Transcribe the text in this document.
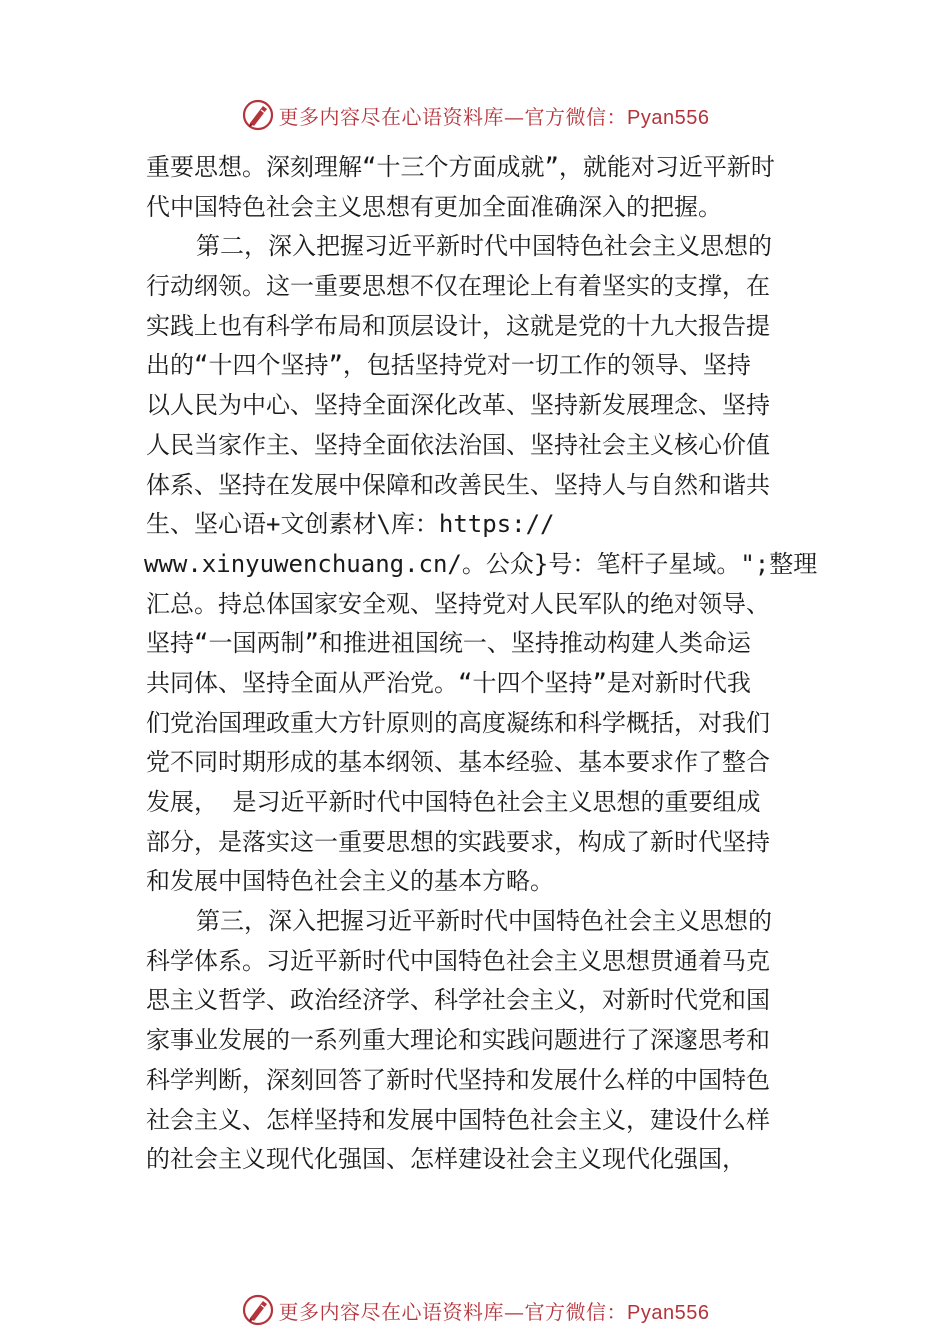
更多内容尽在心语资料库—官方微信：Pyan556
重要思想。深刻理解“十三个方面成就”，就能对习近平新时
代中国特色社会主义思想有更加全面准确深入的把握。
第二，深入把握习近平新时代中国特色社会主义思想的
行动纲领。这一重要思想不仅在理论上有着坚实的支撑，在
实践上也有科学布局和顶层设计，这就是党的十九大报告提
出的“十四个坚持”，包括坚持党对一切工作的领导、坚持
以人民为中心、坚持全面深化改革、坚持新发展理念、坚持
人民当家作主、坚持全面依法治国、坚持社会主义核心价值
体系、坚持在发展中保障和改善民生、坚持人与自然和谐共
生、坚心语+文创素材\库：https://
www.xinyuwenchuang.cn/。公众}号：笔杆子星域。";整理
汇总。持总体国家安全观、坚持党对人民军队的绝对领导、
坚持“一国两制”和推进祖国统一、坚持推动构建人类命运
共同体、坚持全面从严治党。“十四个坚持”是对新时代我
们党治国理政重大方针原则的高度凝练和科学概括，对我们
党不同时期形成的基本纲领、基本经验、基本要求作了整合
发展， 是习近平新时代中国特色社会主义思想的重要组成
部分，是落实这一重要思想的实践要求，构成了新时代坚持
和发展中国特色社会主义的基本方略。
第三，深入把握习近平新时代中国特色社会主义思想的
科学体系。习近平新时代中国特色社会主义思想贯通着马克
思主义哲学、政治经济学、科学社会主义，对新时代党和国
家事业发展的一系列重大理论和实践问题进行了深邃思考和
科学判断，深刻回答了新时代坚持和发展什么样的中国特色
社会主义、怎样坚持和发展中国特色社会主义，建设什么样
的社会主义现代化强国、怎样建设社会主义现代化强国，
更多内容尽在心语资料库—官方微信：Pyan556
